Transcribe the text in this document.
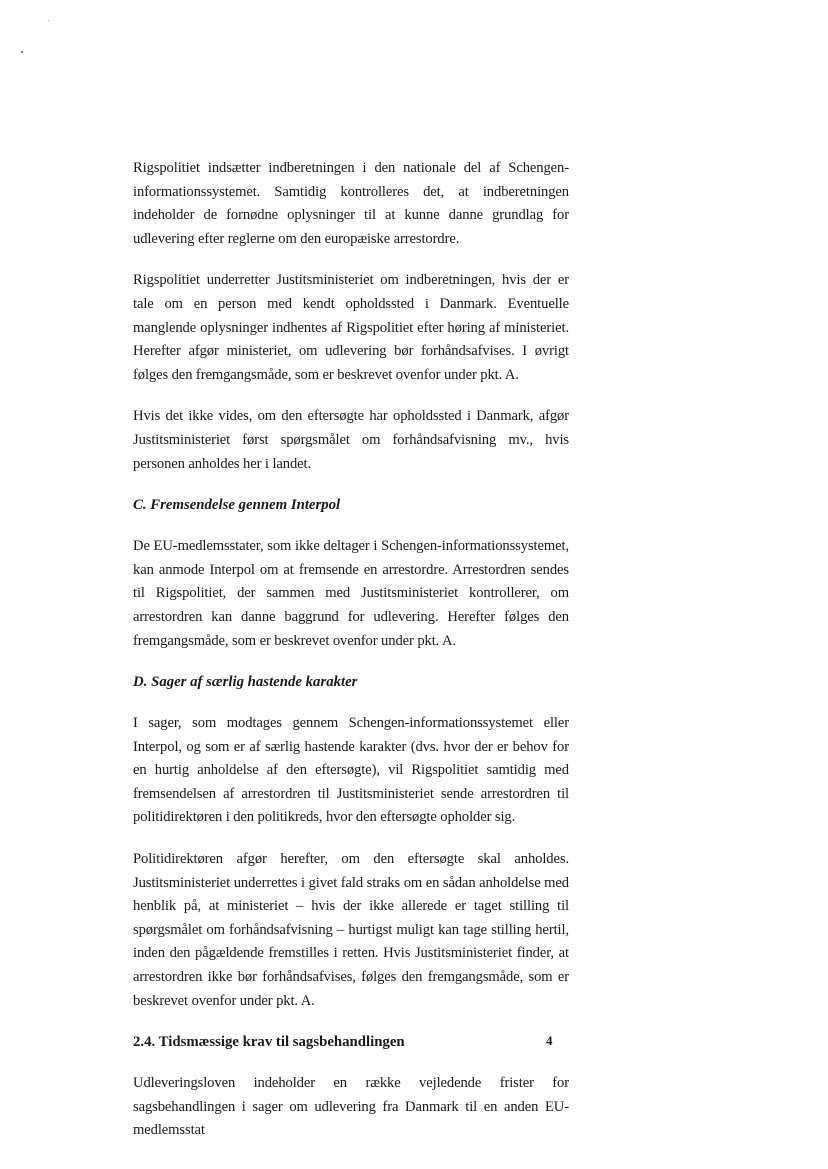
Rigspolitiet indsætter indberetningen i den nationale del af Schengen-informationssystemet. Samtidig kontrolleres det, at indberetningen indeholder de fornødne oplysninger til at kunne danne grundlag for udlevering efter reglerne om den europæiske arrestordre.

Rigspolitiet underretter Justitsministeriet om indberetningen, hvis der er tale om en person med kendt opholdssted i Danmark. Eventuelle manglende oplysninger indhentes af Rigspolitiet efter høring af ministeriet. Herefter afgør ministeriet, om udlevering bør forhåndsafvises. I øvrigt følges den fremgangsmåde, som er beskrevet ovenfor under pkt. A.

Hvis det ikke vides, om den eftersøgte har opholdssted i Danmark, afgør Justitsministeriet først spørgsmålet om forhåndsafvisning mv., hvis personen anholdes her i landet.

C. Fremsendelse gennem Interpol

De EU-medlemsstater, som ikke deltager i Schengen-informationssystemet, kan anmode Interpol om at fremsende en arrestordre. Arrestordren sendes til Rigspolitiet, der sammen med Justitsministeriet kontrollerer, om arrestordren kan danne baggrund for udlevering. Herefter følges den fremgangsmåde, som er beskrevet ovenfor under pkt. A.

D. Sager af særlig hastende karakter

I sager, som modtages gennem Schengen-informationssystemet eller Interpol, og som er af særlig hastende karakter (dvs. hvor der er behov for en hurtig anholdelse af den eftersøgte), vil Rigspolitiet samtidig med fremsendelsen af arrestordren til Justitsministeriet sende arrestordren til politidirektøren i den politikreds, hvor den eftersøgte opholder sig.

Politidirektøren afgør herefter, om den eftersøgte skal anholdes. Justitsministeriet underrettes i givet fald straks om en sådan anholdelse med henblik på, at ministeriet – hvis der ikke allerede er taget stilling til spørgsmålet om forhåndsafvisning – hurtigst muligt kan tage stilling hertil, inden den pågældende fremstilles i retten. Hvis Justitsministeriet finder, at arrestordren ikke bør forhåndsafvises, følges den fremgangsmåde, som er beskrevet ovenfor under pkt. A.

2.4. Tidsmæssige krav til sagsbehandlingen

Udleveringsloven indeholder en række vejledende frister for sagsbehandlingen i sager om udlevering fra Danmark til en anden EU-medlemsstat

4
